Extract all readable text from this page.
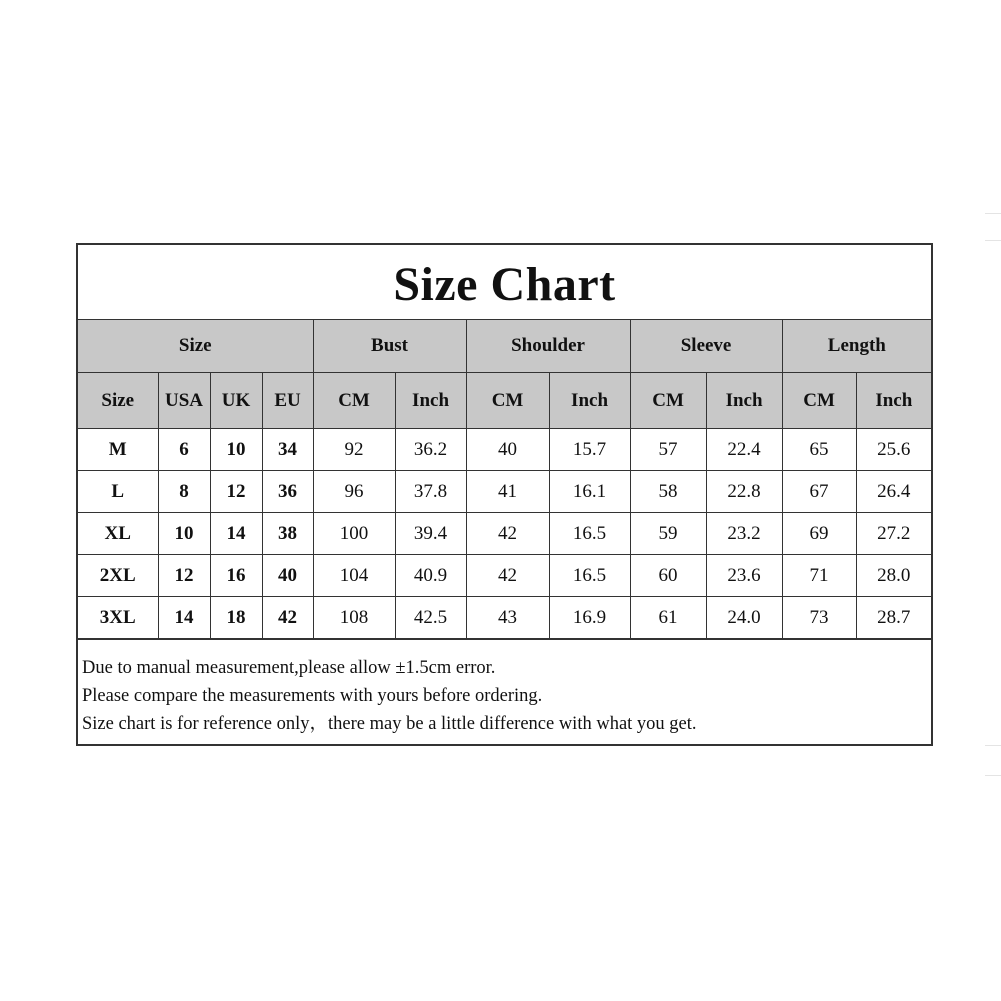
Size Chart
Size				Bust		Shoulder		Sleeve		Length	
Size	USA	UK	EU	CM	Inch	CM	Inch	CM	Inch	CM	Inch
M	6	10	34	92	36.2	40	15.7	57	22.4	65	25.6
L	8	12	36	96	37.8	41	16.1	58	22.8	67	26.4
XL	10	14	38	100	39.4	42	16.5	59	23.2	69	27.2
2XL	12	16	40	104	40.9	42	16.5	60	23.6	71	28.0
3XL	14	18	42	108	42.5	43	16.9	61	24.0	73	28.7
Due to manual measurement,please allow ±1.5cm error.
Please compare the measurements with yours before ordering.
Size chart is for reference only，there may be a little difference with what you get.
